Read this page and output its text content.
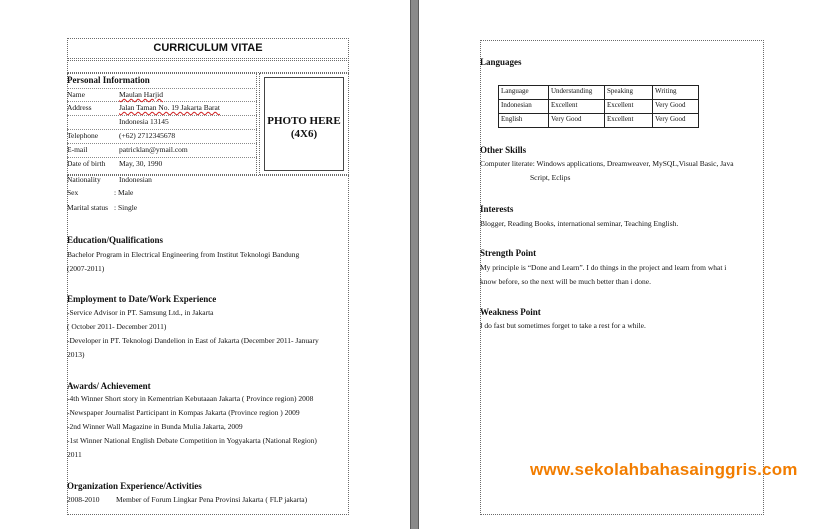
CURRICULUM VITAE
Personal Information
Name	Maulan Harjid
Address	Jalan Taman No. 19 Jakarta Barat
Indonesia 13145
Telephone	(+62) 2712345678
E-mail	patricklan@ymail.com
Date of birth May, 30, 1990
PHOTO HERE
(4X6)
Nationality Indonesian
Sex	: Male
Marital status : Single
Education/Qualifications
Bachelor Program in Electrical Engineering from Institut Teknologi Bandung
(2007-2011)
Employment to Date/Work Experience
-Service Advisor in PT. Samsung Ltd., in Jakarta
( October 2011- December 2011)
-Developer in PT. Teknologi Dandelion in East of Jakarta (December 2011- January
2013)
Awards/ Achievement
-4th Winner Short story in Kementrian Kebutaaan Jakarta ( Province region) 2008
-Newspaper Journalist Participant in Kompas Jakarta (Province region ) 2009
-2nd Winner Wall Magazine in Bunda Mulia Jakarta, 2009
-1st Winner National English Debate Competition in Yogyakarta (National Region)
2011
Organization Experience/Activities
2008-2010 Member of Forum Lingkar Pena Provinsi Jakarta ( FLP jakarta)
Languages
Language	Understanding	Speaking	Writing
Indonesian	Excellent	Excellent	Very Good
English	Very Good	Excellent	Very Good
Other Skills
Computer literate: Windows applications, Dreamweaver, MySQL,Visual Basic, Java
Script, Eclips
Interests
Blogger, Reading Books, international seminar, Teaching English.
Strength Point
My principle is “Done and Learn”. I do things in the project and learn from what i
know before, so the next will be much better than i done.
Weakness Point
I do fast but sometimes forget to take a rest for a while.
www.sekolahbahasainggris.com
